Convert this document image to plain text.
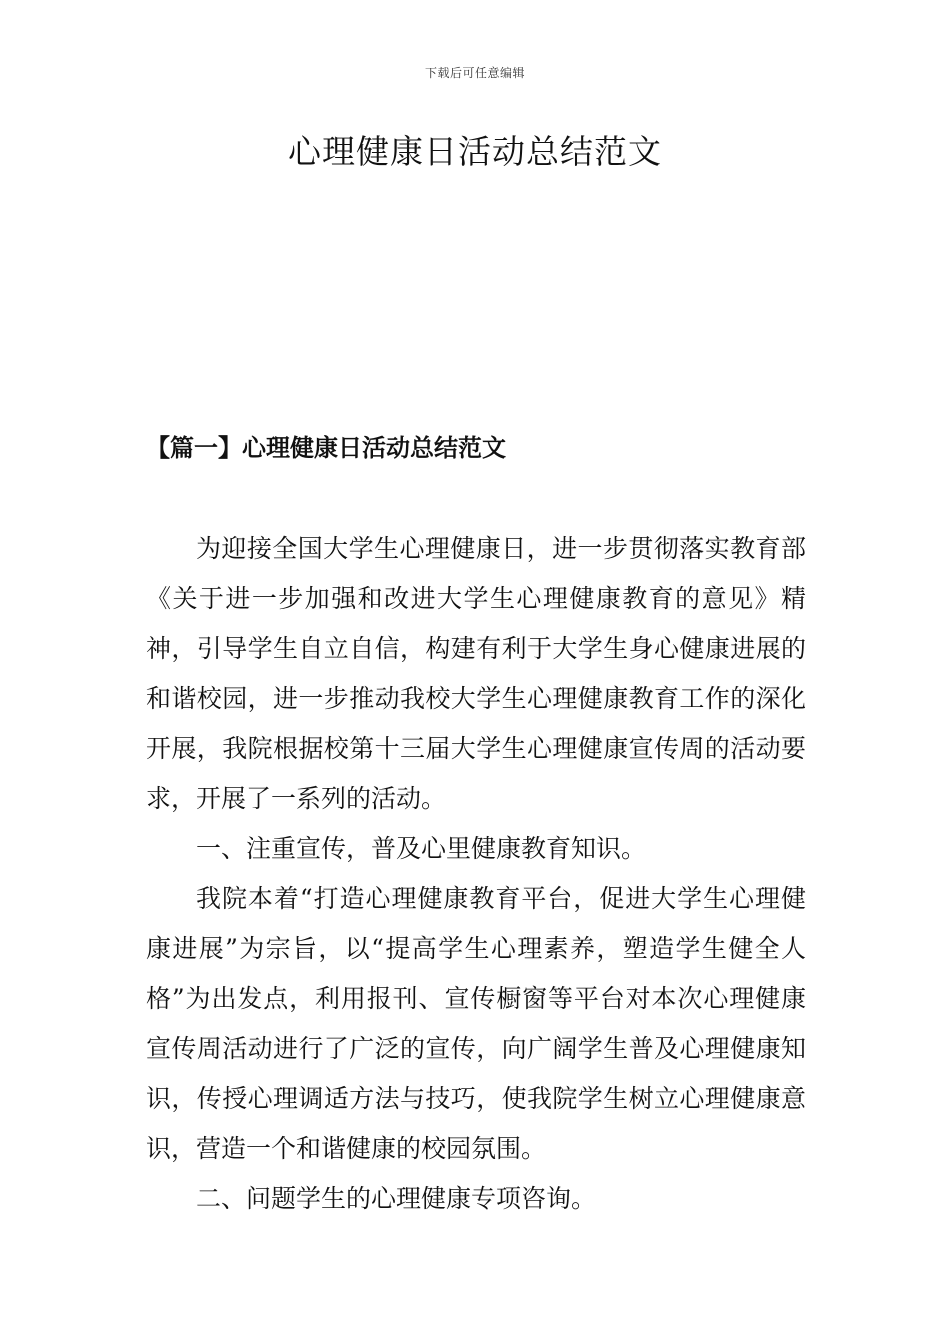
下载后可任意编辑
心理健康日活动总结范文
【篇一】心理健康日活动总结范文

为迎接全国大学生心理健康日，进一步贯彻落实教育部《关于进一步加强和改进大学生心理健康教育的意见》精神，引导学生自立自信，构建有利于大学生身心健康进展的和谐校园，进一步推动我校大学生心理健康教育工作的深化开展，我院根据校第十三届大学生心理健康宣传周的活动要求，开展了一系列的活动。

一、注重宣传，普及心里健康教育知识。

我院本着“打造心理健康教育平台，促进大学生心理健康进展”为宗旨，以“提高学生心理素养，塑造学生健全人格”为出发点，利用报刊、宣传橱窗等平台对本次心理健康宣传周活动进行了广泛的宣传，向广阔学生普及心理健康知识，传授心理调适方法与技巧，使我院学生树立心理健康意识，营造一个和谐健康的校园氛围。

二、问题学生的心理健康专项咨询。
